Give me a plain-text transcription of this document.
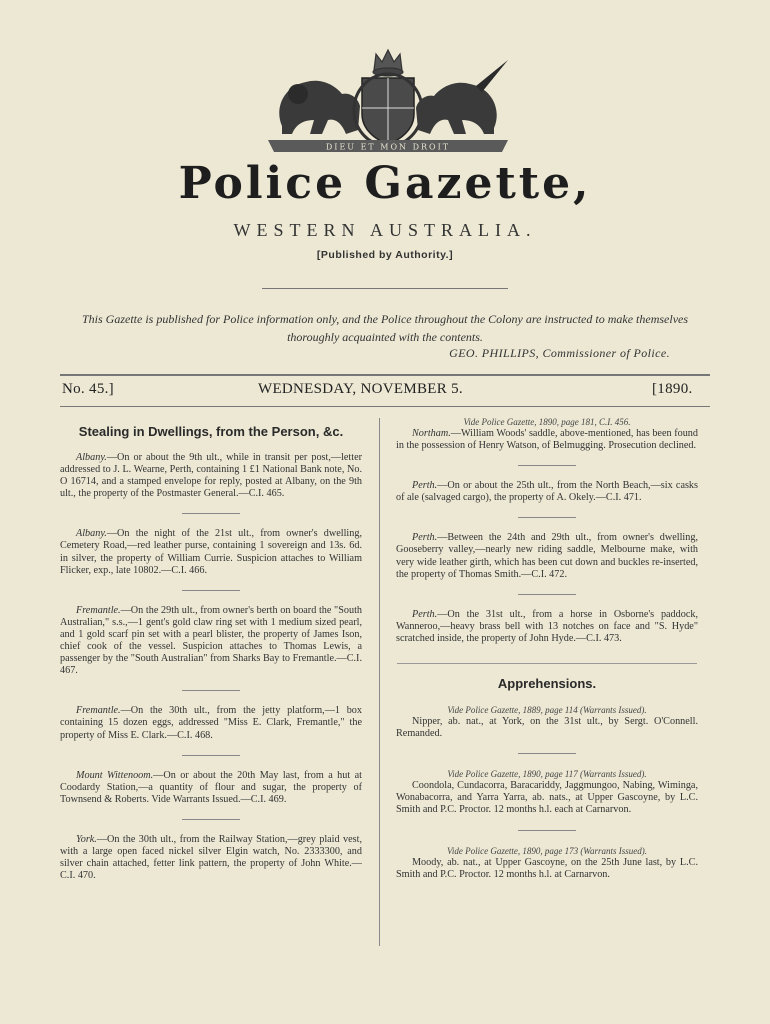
DIEU ET MON DROIT
Police Gazette,
WESTERN AUSTRALIA.
[Published by Authority.]
This Gazette is published for Police information only, and the Police throughout the Colony are instructed to make themselves thoroughly acquainted with the contents.
GEO. PHILLIPS, Commissioner of Police.
No. 45.]	WEDNESDAY, NOVEMBER 5.	[1890.
Stealing in Dwellings, from the Person, &c.

Albany.—On or about the 9th ult., while in transit per post,—letter addressed to J. L. Wearne, Perth, containing 1 £1 National Bank note, No. O 16714, and a stamped envelope for reply, posted at Albany, on the 9th ult., the property of the Postmaster General.—C.I. 465.

Albany.—On the night of the 21st ult., from owner's dwelling, Cemetery Road,—red leather purse, containing 1 sovereign and 13s. 6d. in silver, the property of William Currie. Suspicion attaches to William Flicker, exp., late 10802.—C.I. 466.

Fremantle.—On the 29th ult., from owner's berth on board the "South Australian," s.s.,—1 gent's gold claw ring set with 1 medium sized pearl, and 1 gold scarf pin set with a pearl blister, the property of James Ison, chief cook of the vessel. Suspicion attaches to Thomas Lewis, a passenger by the "South Australian" from Sharks Bay to Fremantle.—C.I. 467.

Fremantle.—On the 30th ult., from the jetty platform,—1 box containing 15 dozen eggs, addressed "Miss E. Clark, Fremantle," the property of Miss E. Clark.—C.I. 468.

Mount Wittenoom.—On or about the 20th May last, from a hut at Coodardy Station,—a quantity of flour and sugar, the property of Townsend & Roberts. Vide Warrants Issued.—C.I. 469.

York.—On the 30th ult., from the Railway Station,—grey plaid vest, with a large open faced nickel silver Elgin watch, No. 2333300, and silver chain attached, fetter link pattern, the property of John White.—C.I. 470.

Vide Police Gazette, 1890, page 181, C.I. 456.

Northam.—William Woods' saddle, above-mentioned, has been found in the possession of Henry Watson, of Belmugging. Prosecution declined.

Perth.—On or about the 25th ult., from the North Beach,—six casks of ale (salvaged cargo), the property of A. Okely.—C.I. 471.

Perth.—Between the 24th and 29th ult., from owner's dwelling, Gooseberry valley,—nearly new riding saddle, Melbourne make, with very wide leather girth, which has been cut down and buckles re-inserted, the property of Thomas Smith.—C.I. 472.

Perth.—On the 31st ult., from a horse in Osborne's paddock, Wanneroo,—heavy brass bell with 13 notches on face and "S. Hyde" scratched inside, the property of John Hyde.—C.I. 473.

Apprehensions.
Vide Police Gazette, 1889, page 114 (Warrants Issued).

Nipper, ab. nat., at York, on the 31st ult., by Sergt. O'Connell. Remanded.

Vide Police Gazette, 1890, page 117 (Warrants Issued).

Coondola, Cundacorra, Baracariddy, Jaggmungoo, Nabing, Wiminga, Wonabacorra, and Yarra Yarra, ab. nats., at Upper Gascoyne, by L.C. Smith and P.C. Proctor. 12 months h.l. each at Carnarvon.

Vide Police Gazette, 1890, page 173 (Warrants Issued).

Moody, ab. nat., at Upper Gascoyne, on the 25th June last, by L.C. Smith and P.C. Proctor. 12 months h.l. at Carnarvon.
